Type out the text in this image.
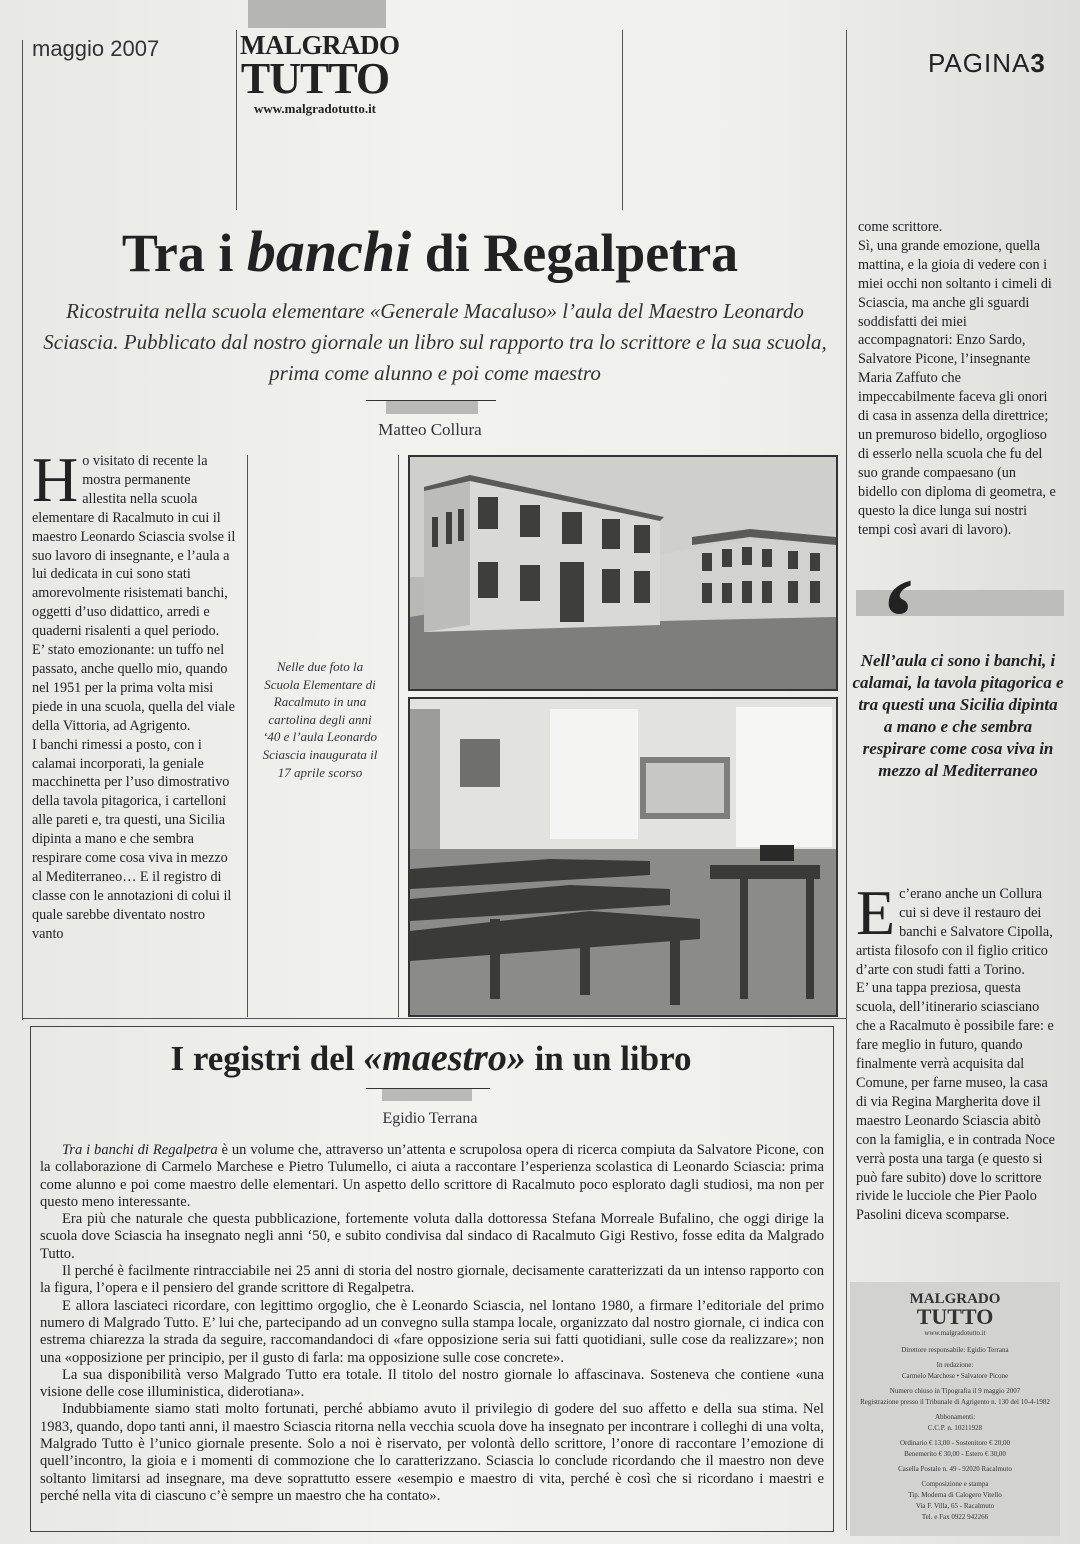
maggio 2007	MALGRADO
TUTTO
www.malgradotutto.it
PAGINA3
Tra i banchi di Regalpetra
Ricostruita nella scuola elementare «Generale Macaluso» l’aula del Maestro Leonardo Sciascia. Pubblicato dal nostro giornale un libro sul rapporto tra lo scrittore e la sua scuola, prima come alunno e poi come maestro
Matteo Collura
Ho visitato di recente la mostra permanente allestita nella scuola elementare di Racalmuto in cui il maestro Leonardo Sciascia svolse il suo lavoro di insegnante, e l’aula a lui dedicata in cui sono stati amorevolmente risistemati banchi, oggetti d’uso didattico, arredi e quaderni risalenti a quel periodo.
E’ stato emozionante: un tuffo nel passato, anche quello mio, quando nel 1951 per la prima volta misi piede in una scuola, quella del viale della Vittoria, ad Agrigento.
I banchi rimessi a posto, con i calamai incorporati, la geniale macchinetta per l’uso dimostrativo della tavola pitagorica, i cartelloni alle pareti e, tra questi, una Sicilia dipinta a mano e che sembra respirare come cosa viva in mezzo al Mediterraneo… E il registro di classe con le annotazioni di colui il quale sarebbe diventato nostro vanto
Nelle due foto la Scuola Elementare di Racalmuto in una cartolina degli anni ‘40 e l’aula Leonardo Sciascia inaugurata il 17 aprile scorso
come scrittore.
Sì, una grande emozione, quella mattina, e la gioia di vedere con i miei occhi non soltanto i cimeli di Sciascia, ma anche gli sguardi soddisfatti dei miei accompagnatori: Enzo Sardo, Salvatore Picone, l’insegnante Maria Zaffuto che impeccabilmente faceva gli onori di casa in assenza della direttrice; un premuroso bidello, orgoglioso di esserlo nella scuola che fu del suo grande compaesano (un bidello con diploma di geometra, e questo la dice lunga sui nostri tempi così avari di lavoro).
‘
Nell’aula ci sono i banchi, i calamai, la tavola pitagorica e tra questi una Sicilia dipinta a mano e che sembra respirare come cosa viva in mezzo al Mediterraneo

E c’erano anche un Collura cui si deve il restauro dei banchi e Salvatore Cipolla, artista filosofo con il figlio critico d’arte con studi fatti a Torino.
E’ una tappa preziosa, questa scuola, dell’itinerario sciasciano che a Racalmuto è possibile fare: e fare meglio in futuro, quando finalmente verrà acquisita dal Comune, per farne museo, la casa di via Regina Margherita dove il maestro Leonardo Sciascia abitò con la famiglia, e in contrada Noce verrà posta una targa (e questo si può fare subito) dove lo scrittore rivide le lucciole che Pier Paolo Pasolini diceva scomparse.

I registri del «maestro» in un libro
Egidio Terrana

Tra i banchi di Regalpetra è un volume che, attraverso un’attenta e scrupolosa opera di ricerca compiuta da Salvatore Picone, con la collaborazione di Carmelo Marchese e Pietro Tulumello, ci aiuta a raccontare l’esperienza scolastica di Leonardo Sciascia: prima come alunno e poi come maestro delle elementari. Un aspetto dello scrittore di Racalmuto poco esplorato dagli studiosi, ma non per questo meno interessante.

Era più che naturale che questa pubblicazione, fortemente voluta dalla dottoressa Stefana Morreale Bufalino, che oggi dirige la scuola dove Sciascia ha insegnato negli anni ‘50, e subito condivisa dal sindaco di Racalmuto Gigi Restivo, fosse edita da Malgrado Tutto.

Il perché è facilmente rintracciabile nei 25 anni di storia del nostro giornale, decisamente caratterizzati da un intenso rapporto con la figura, l’opera e il pensiero del grande scrittore di Regalpetra.

E allora lasciateci ricordare, con legittimo orgoglio, che è Leonardo Sciascia, nel lontano 1980, a firmare l’editoriale del primo numero di Malgrado Tutto. E’ lui che, partecipando ad un convegno sulla stampa locale, organizzato dal nostro giornale, ci indica con estrema chiarezza la strada da seguire, raccomandandoci di «fare opposizione seria sui fatti quotidiani, sulle cose da realizzare»; non una «opposizione per principio, per il gusto di farla: ma opposizione sulle cose concrete».

La sua disponibilità verso Malgrado Tutto era totale. Il titolo del nostro giornale lo affascinava. Sosteneva che contiene «una visione delle cose illuministica, diderotiana».

Indubbiamente siamo stati molto fortunati, perché abbiamo avuto il privilegio di godere del suo affetto e della sua stima. Nel 1983, quando, dopo tanti anni, il maestro Sciascia ritorna nella vecchia scuola dove ha insegnato per incontrare i colleghi di una volta, Malgrado Tutto è l’unico giornale presente. Solo a noi è riservato, per volontà dello scrittore, l’onore di raccontare l’emozione di quell’incontro, la gioia e i momenti di commozione che lo caratterizzano. Sciascia lo conclude ricordando che il maestro non deve soltanto limitarsi ad insegnare, ma deve soprattutto essere «esempio e maestro di vita, perché è così che si ricordano i maestri e perché nella vita di ciascuno c’è sempre un maestro che ha contato».

MALGRADO
TUTTO
www.malgradotutto.it
Direttore responsabile: Egidio Terrana
In redazione:
Carmelo Marchese • Salvatore Picone
Numero chiuso in Tipografia il 9 maggio 2007
Registrazione presso il Tribunale di Agrigento n. 130 del 10-4-1982
Abbonamenti:
C.C.P. n. 10211928
Ordinario € 13,00 - Sostenitore € 20,00
Benemerito € 30,00 - Estero € 30,00
Casella Postale n. 49 - 92020 Racalmuto
Composizione e stampa
Tip. Moderna di Calogero Vitello
Via F. Villa, 65 - Racalmuto
Tel. e Fax 0922 942266
